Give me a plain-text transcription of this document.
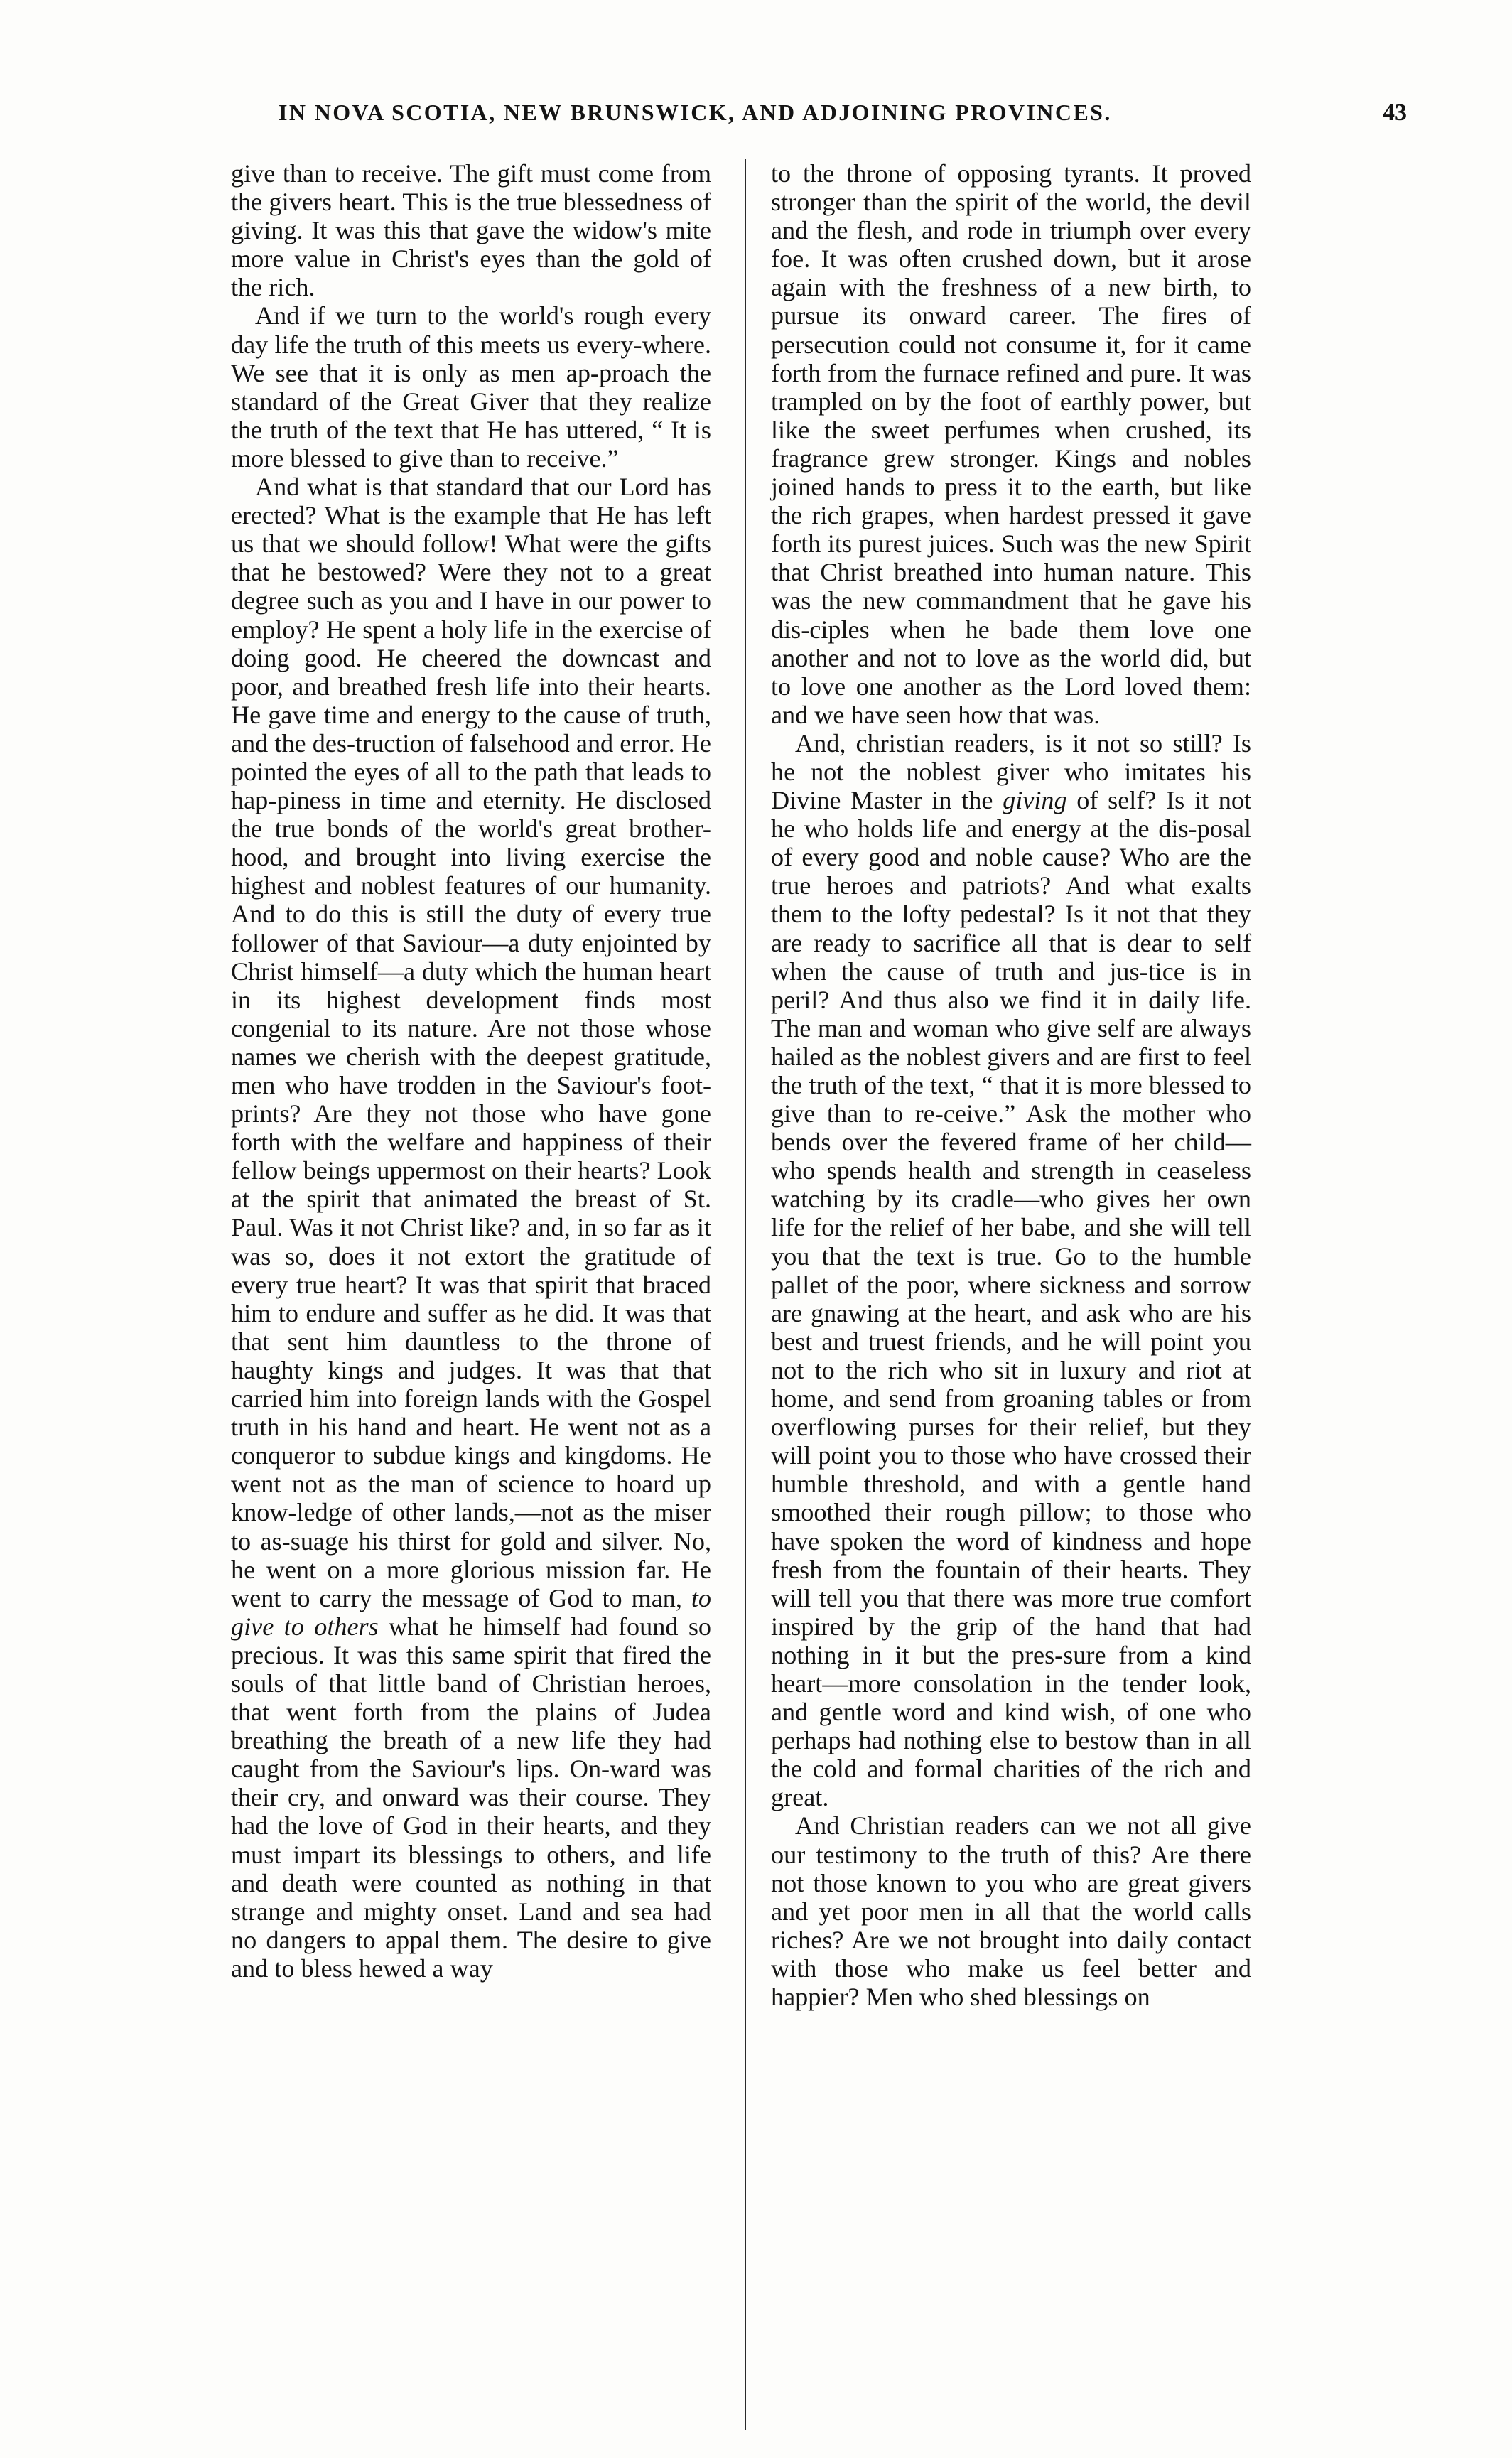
IN NOVA SCOTIA, NEW BRUNSWICK, AND ADJOINING PROVINCES.	43

give than to receive. The gift must come from the givers heart. This is the true blessedness of giving. It was this that gave the widow's mite more value in Christ's eyes than the gold of the rich.

And if we turn to the world's rough every day life the truth of this meets us every-where. We see that it is only as men ap-proach the standard of the Great Giver that they realize the truth of the text that He has uttered, “ It is more blessed to give than to receive.”

And what is that standard that our Lord has erected? What is the example that He has left us that we should follow! What were the gifts that he bestowed? Were they not to a great degree such as you and I have in our power to employ? He spent a holy life in the exercise of doing good. He cheered the downcast and poor, and breathed fresh life into their hearts. He gave time and energy to the cause of truth, and the des-truction of falsehood and error. He pointed the eyes of all to the path that leads to hap-piness in time and eternity. He disclosed the true bonds of the world's great brother-hood, and brought into living exercise the highest and noblest features of our humanity. And to do this is still the duty of every true follower of that Saviour—a duty enjointed by Christ himself—a duty which the human heart in its highest development finds most congenial to its nature. Are not those whose names we cherish with the deepest gratitude, men who have trodden in the Saviour's foot-prints? Are they not those who have gone forth with the welfare and happiness of their fellow beings uppermost on their hearts? Look at the spirit that animated the breast of St. Paul. Was it not Christ like? and, in so far as it was so, does it not extort the gratitude of every true heart? It was that spirit that braced him to endure and suffer as he did. It was that that sent him dauntless to the throne of haughty kings and judges. It was that that carried him into foreign lands with the Gospel truth in his hand and heart. He went not as a conqueror to subdue kings and kingdoms. He went not as the man of science to hoard up know-ledge of other lands,—not as the miser to as-suage his thirst for gold and silver. No, he went on a more glorious mission far. He went to carry the message of God to man, to give to others what he himself had found so precious. It was this same spirit that fired the souls of that little band of Christian heroes, that went forth from the plains of Judea breathing the breath of a new life they had caught from the Saviour's lips. On-ward was their cry, and onward was their course. They had the love of God in their hearts, and they must impart its blessings to others, and life and death were counted as nothing in that strange and mighty onset. Land and sea had no dangers to appal them. The desire to give and to bless hewed a way

to the throne of opposing tyrants. It proved stronger than the spirit of the world, the devil and the flesh, and rode in triumph over every foe. It was often crushed down, but it arose again with the freshness of a new birth, to pursue its onward career. The fires of persecution could not consume it, for it came forth from the furnace refined and pure. It was trampled on by the foot of earthly power, but like the sweet perfumes when crushed, its fragrance grew stronger. Kings and nobles joined hands to press it to the earth, but like the rich grapes, when hardest pressed it gave forth its purest juices. Such was the new Spirit that Christ breathed into human nature. This was the new commandment that he gave his dis-ciples when he bade them love one another and not to love as the world did, but to love one another as the Lord loved them: and we have seen how that was.

And, christian readers, is it not so still? Is he not the noblest giver who imitates his Divine Master in the giving of self? Is it not he who holds life and energy at the dis-posal of every good and noble cause? Who are the true heroes and patriots? And what exalts them to the lofty pedestal? Is it not that they are ready to sacrifice all that is dear to self when the cause of truth and jus-tice is in peril? And thus also we find it in daily life. The man and woman who give self are always hailed as the noblest givers and are first to feel the truth of the text, “ that it is more blessed to give than to re-ceive.” Ask the mother who bends over the fevered frame of her child—who spends health and strength in ceaseless watching by its cradle—who gives her own life for the relief of her babe, and she will tell you that the text is true. Go to the humble pallet of the poor, where sickness and sorrow are gnawing at the heart, and ask who are his best and truest friends, and he will point you not to the rich who sit in luxury and riot at home, and send from groaning tables or from overflowing purses for their relief, but they will point you to those who have crossed their humble threshold, and with a gentle hand smoothed their rough pillow; to those who have spoken the word of kindness and hope fresh from the fountain of their hearts. They will tell you that there was more true comfort inspired by the grip of the hand that had nothing in it but the pres-sure from a kind heart—more consolation in the tender look, and gentle word and kind wish, of one who perhaps had nothing else to bestow than in all the cold and formal charities of the rich and great.

And Christian readers can we not all give our testimony to the truth of this? Are there not those known to you who are great givers and yet poor men in all that the world calls riches? Are we not brought into daily contact with those who make us feel better and happier? Men who shed blessings on
